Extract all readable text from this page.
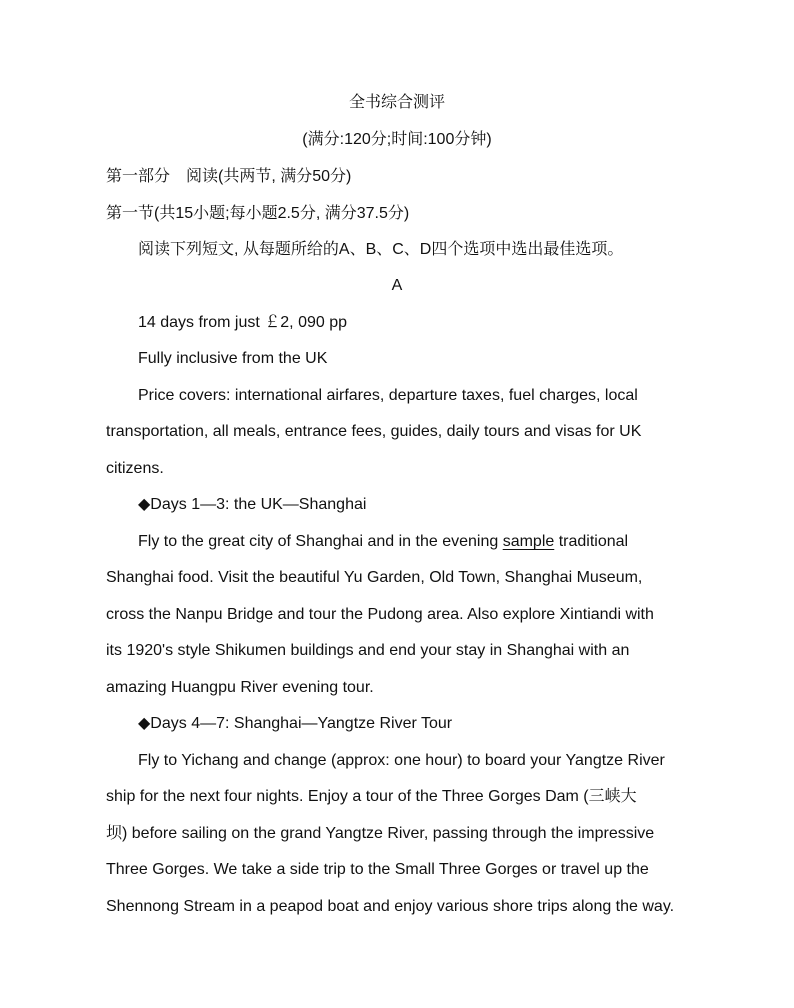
全书综合测评
(满分:120分;时间:100分钟)
第一部分　阅读(共两节, 满分50分)
第一节(共15小题;每小题2.5分, 满分37.5分)
阅读下列短文, 从每题所给的A、B、C、D四个选项中选出最佳选项。
A
14 days from just ￡2, 090 pp
Fully inclusive from the UK
Price covers: international airfares, departure taxes, fuel charges, local
transportation, all meals, entrance fees, guides, daily tours and visas for UK
citizens.
◆Days 1—3: the UK—Shanghai
Fly to the great city of Shanghai and in the evening sample traditional
Shanghai food. Visit the beautiful Yu Garden, Old Town, Shanghai Museum,
cross the Nanpu Bridge and tour the Pudong area. Also explore Xintiandi with
its 1920's style Shikumen buildings and end your stay in Shanghai with an
amazing Huangpu River evening tour.
◆Days 4—7: Shanghai—Yangtze River Tour
Fly to Yichang and change (approx: one hour) to board your Yangtze River
ship for the next four nights. Enjoy a tour of the Three Gorges Dam (三峡大
坝) before sailing on the grand Yangtze River, passing through the impressive
Three Gorges. We take a side trip to the Small Three Gorges or travel up the
Shennong Stream in a peapod boat and enjoy various shore trips along the way.
